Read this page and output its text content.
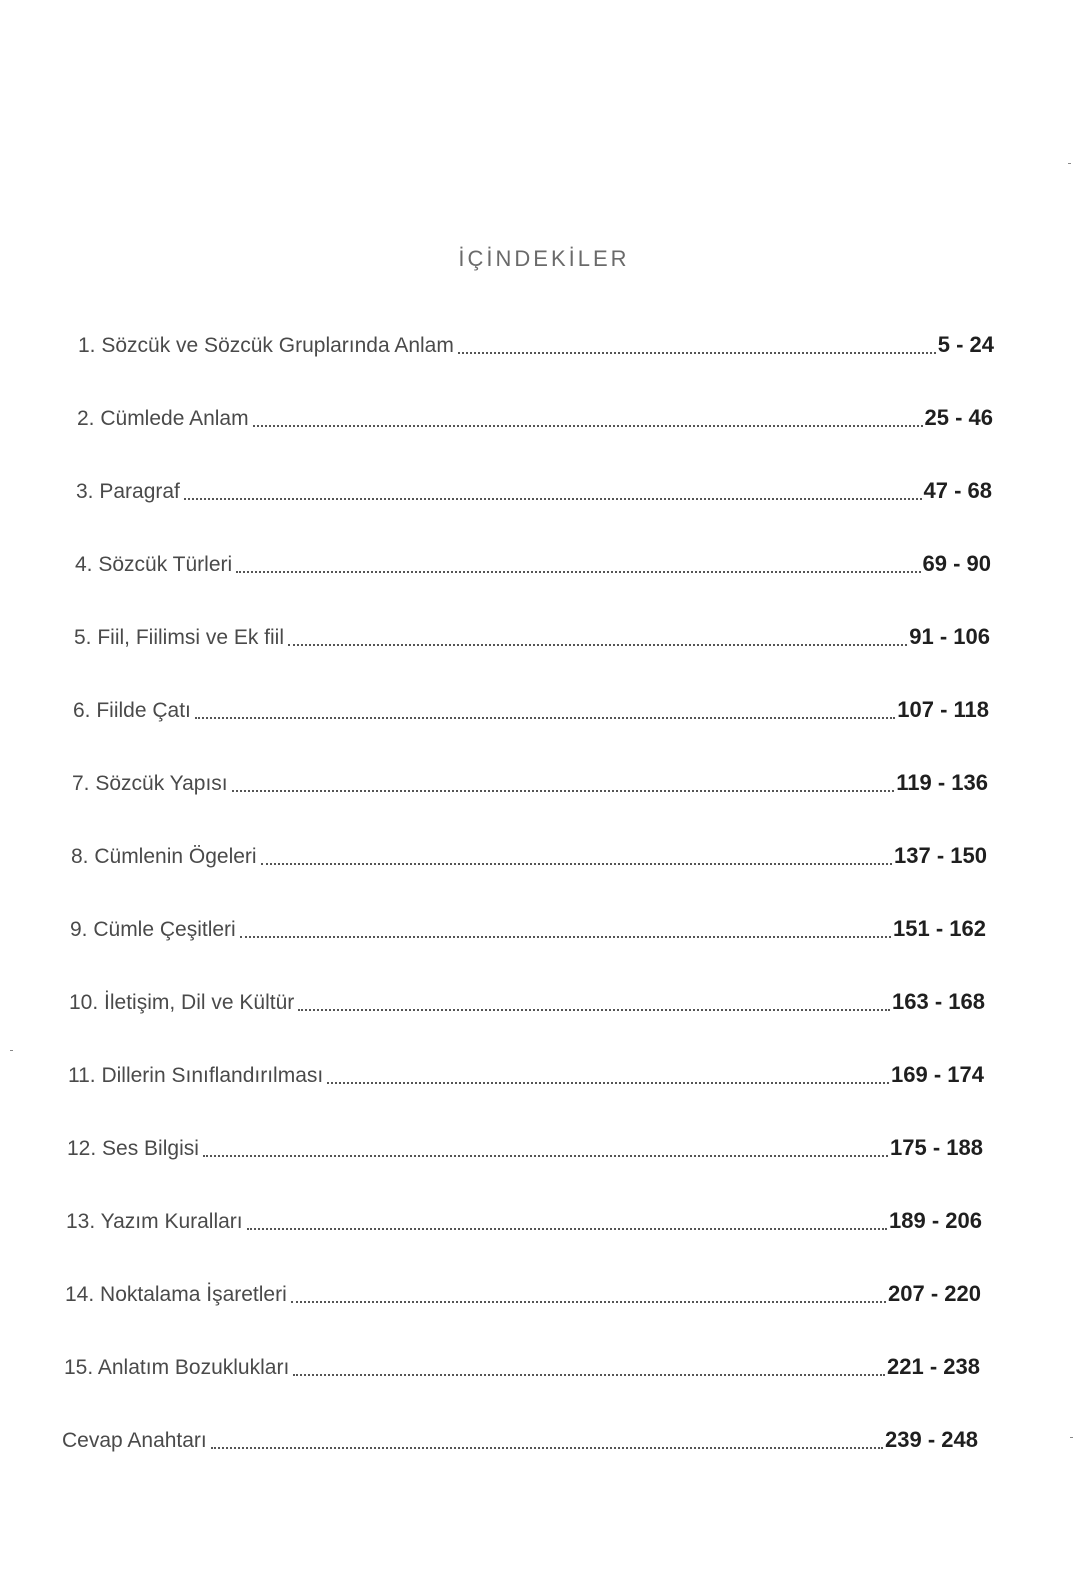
İÇİNDEKİLER
1. Sözcük ve Sözcük Gruplarında Anlam	5 - 24
2. Cümlede Anlam	25 - 46
3. Paragraf	47 - 68
4. Sözcük Türleri	69 - 90
5. Fiil, Fiilimsi ve Ek fiil	91 - 106
6. Fiilde Çatı	107 - 118
7. Sözcük Yapısı	119 - 136
8. Cümlenin Ögeleri	137 - 150
9. Cümle Çeşitleri	151 - 162
10. İletişim, Dil ve Kültür	163 - 168
11. Dillerin Sınıflandırılması	169 - 174
12. Ses Bilgisi	175 - 188
13. Yazım Kuralları	189 - 206
14. Noktalama İşaretleri	207 - 220
15. Anlatım Bozuklukları	221 - 238
Cevap Anahtarı	239 - 248
